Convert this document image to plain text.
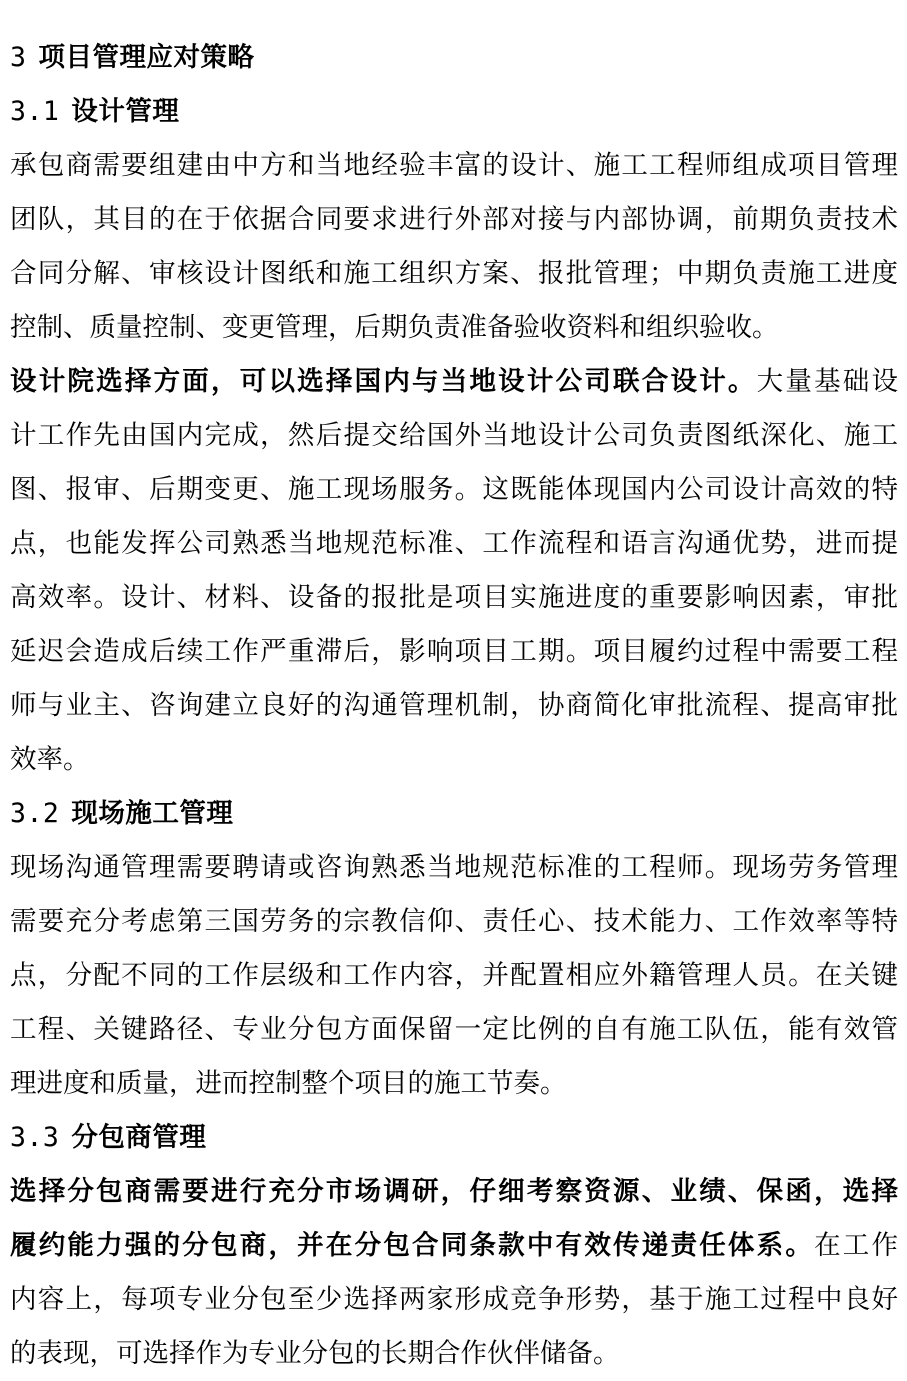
3 项目管理应对策略
3.1 设计管理
承包商需要组建由中方和当地经验丰富的设计、施工工程师组成项目管理
团队，其目的在于依据合同要求进行外部对接与内部协调，前期负责技术
合同分解、审核设计图纸和施工组织方案、报批管理；中期负责施工进度
控制、质量控制、变更管理，后期负责准备验收资料和组织验收。
设计院选择方面，可以选择国内与当地设计公司联合设计。大量基础设
计工作先由国内完成，然后提交给国外当地设计公司负责图纸深化、施工
图、报审、后期变更、施工现场服务。这既能体现国内公司设计高效的特
点，也能发挥公司熟悉当地规范标准、工作流程和语言沟通优势，进而提
高效率。设计、材料、设备的报批是项目实施进度的重要影响因素，审批
延迟会造成后续工作严重滞后，影响项目工期。项目履约过程中需要工程
师与业主、咨询建立良好的沟通管理机制，协商简化审批流程、提高审批
效率。
3.2 现场施工管理
现场沟通管理需要聘请或咨询熟悉当地规范标准的工程师。现场劳务管理
需要充分考虑第三国劳务的宗教信仰、责任心、技术能力、工作效率等特
点，分配不同的工作层级和工作内容，并配置相应外籍管理人员。在关键
工程、关键路径、专业分包方面保留一定比例的自有施工队伍，能有效管
理进度和质量，进而控制整个项目的施工节奏。
3.3 分包商管理
选择分包商需要进行充分市场调研，仔细考察资源、业绩、保函，选择
履约能力强的分包商，并在分包合同条款中有效传递责任体系。在工作
内容上，每项专业分包至少选择两家形成竞争形势，基于施工过程中良好
的表现，可选择作为专业分包的长期合作伙伴储备。
